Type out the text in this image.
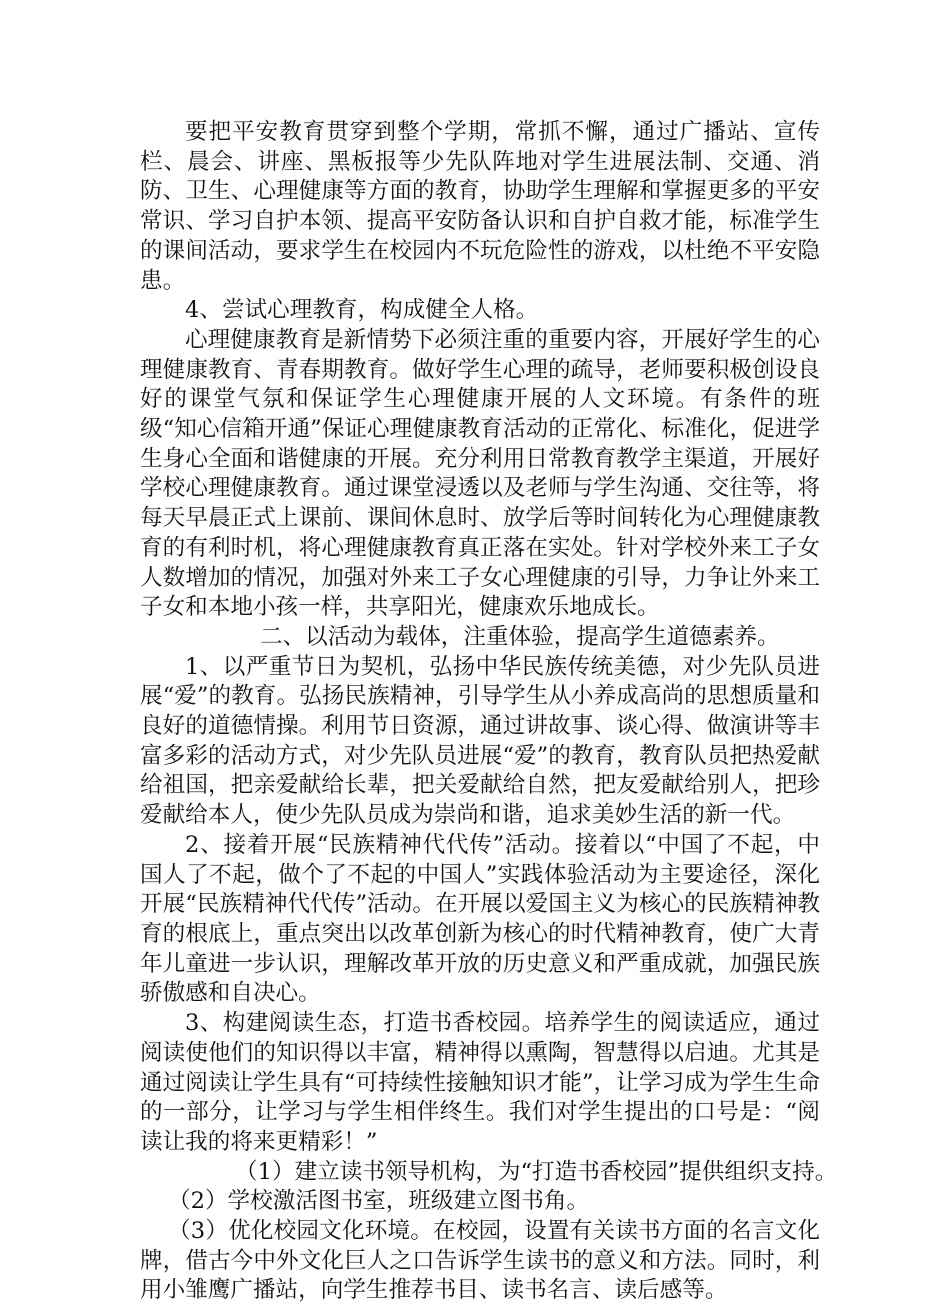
要把平安教育贯穿到整个学期，常抓不懈，通过广播站、宣传栏、晨会、讲座、黑板报等少先队阵地对学生进展法制、交通、消防、卫生、心理健康等方面的教育，协助学生理解和掌握更多的平安常识、学习自护本领、提高平安防备认识和自护自救才能，标准学生的课间活动，要求学生在校园内不玩危险性的游戏，以杜绝不平安隐患。

4、尝试心理教育，构成健全人格。

心理健康教育是新情势下必须注重的重要内容，开展好学生的心理健康教育、青春期教育。做好学生心理的疏导，老师要积极创设良好的课堂气氛和保证学生心理健康开展的人文环境。有条件的班级“知心信箱开通”保证心理健康教育活动的正常化、标准化，促进学生身心全面和谐健康的开展。充分利用日常教育教学主渠道，开展好学校心理健康教育。通过课堂浸透以及老师与学生沟通、交往等，将每天早晨正式上课前、课间休息时、放学后等时间转化为心理健康教育的有利时机，将心理健康教育真正落在实处。针对学校外来工子女人数增加的情况，加强对外来工子女心理健康的引导，力争让外来工子女和本地小孩一样，共享阳光，健康欢乐地成长。

二、以活动为载体，注重体验，提高学生道德素养。

1、以严重节日为契机，弘扬中华民族传统美德，对少先队员进展“爱”的教育。弘扬民族精神，引导学生从小养成高尚的思想质量和良好的道德情操。利用节日资源，通过讲故事、谈心得、做演讲等丰富多彩的活动方式，对少先队员进展“爱”的教育，教育队员把热爱献给祖国，把亲爱献给长辈，把关爱献给自然，把友爱献给别人，把珍爱献给本人，使少先队员成为崇尚和谐，追求美妙生活的新一代。

2、接着开展“民族精神代代传”活动。接着以“中国了不起，中国人了不起，做个了不起的中国人”实践体验活动为主要途径，深化开展“民族精神代代传”活动。在开展以爱国主义为核心的民族精神教育的根底上，重点突出以改革创新为核心的时代精神教育，使广大青年儿童进一步认识，理解改革开放的历史意义和严重成就，加强民族骄傲感和自决心。

3、构建阅读生态，打造书香校园。培养学生的阅读适应，通过阅读使他们的知识得以丰富，精神得以熏陶，智慧得以启迪。尤其是通过阅读让学生具有“可持续性接触知识才能”，让学习成为学生生命的一部分，让学习与学生相伴终生。我们对学生提出的口号是：“阅读让我的将来更精彩！”

（1）建立读书领导机构，为“打造书香校园”提供组织支持。

（2）学校激活图书室，班级建立图书角。

（3）优化校园文化环境。在校园，设置有关读书方面的名言文化牌，借古今中外文化巨人之口告诉学生读书的意义和方法。同时，利用小雏鹰广播站，向学生推荐书目、读书名言、读后感等。
